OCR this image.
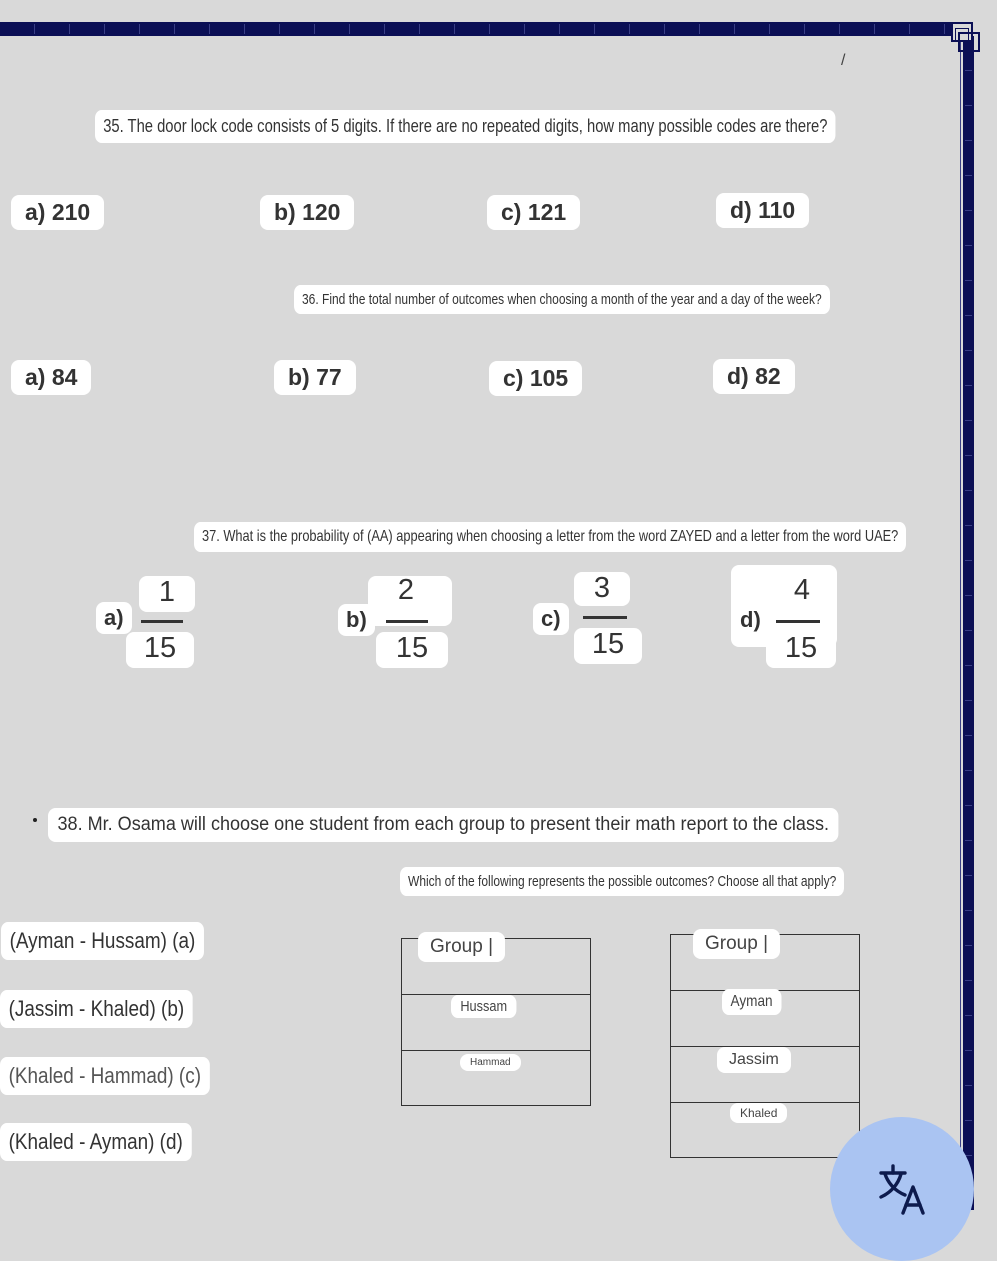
/
35. The door lock code consists of 5 digits. If there are no repeated digits, how many possible codes are there?
a) 210	b) 120	c) 121	d) 110
36. Find the total number of outcomes when choosing a month of the year and a day of the week?
a) 84	b) 77	c) 105	d) 82
37. What is the probability of (AA) appearing when choosing a letter from the word ZAYED and a letter from the word UAE?
a)
1
15
b)
2
15
c)
3
15
d)
4
15
38. Mr. Osama will choose one student from each group to present their math report to the class.
Which of the following represents the possible outcomes? Choose all that apply?
(Ayman - Hussam) (a)
(Jassim - Khaled) (b)
(Khaled - Hammad) (c)
(Khaled - Ayman) (d)
Group |
Hussam
Hammad
Group |
Ayman
Jassim
Khaled
